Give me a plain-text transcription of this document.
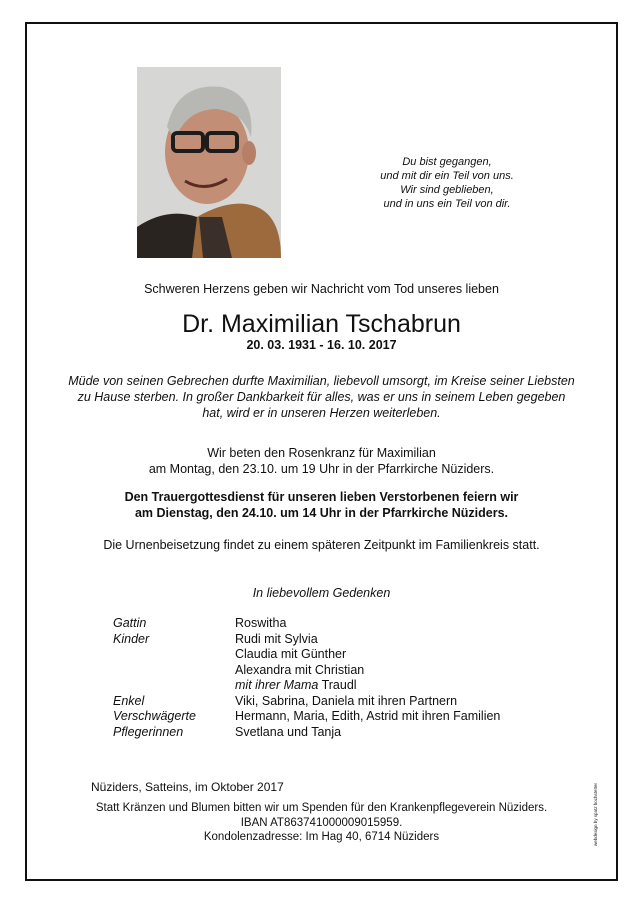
Du bist gegangen,
und mit dir ein Teil von uns.
Wir sind geblieben,
und in uns ein Teil von dir.
Schweren Herzens geben wir Nachricht vom Tod unseres lieben
Dr. Maximilian Tschabrun
20. 03. 1931 - 16. 10. 2017
Müde von seinen Gebrechen durfte Maximilian, liebevoll umsorgt, im Kreise seiner Liebsten
zu Hause sterben. In großer Dankbarkeit für alles, was er uns in seinem Leben gegeben
hat, wird er in unseren Herzen weiterleben.
Wir beten den Rosenkranz für Maximilian
am Montag, den 23.10. um 19 Uhr in der Pfarrkirche Nüziders.
Den Trauergottesdienst für unseren lieben Verstorbenen feiern wir
am Dienstag, den 24.10. um 14 Uhr in der Pfarrkirche Nüziders.
Die Urnenbeisetzung findet zu einem späteren Zeitpunkt im Familienkreis statt.
In liebevollem Gedenken
Gattin	Roswitha
Kinder	Rudi mit Sylvia
Claudia mit Günther
Alexandra mit Christian
mit ihrer Mama Traudl
Enkel	Viki, Sabrina, Daniela mit ihren Partnern
Verschwägerte	Hermann, Maria, Edith, Astrid mit ihren Familien
Pflegerinnen	Svetlana und Tanja
Nüziders, Satteins, im Oktober 2017
Statt Kränzen und Blumen bitten wir um Spenden für den Krankenpflegeverein Nüziders.
IBAN AT863741000009015959.
Kondolenzadresse: Im Hag 40, 6714 Nüziders	webdesign by spatz hochstetter
